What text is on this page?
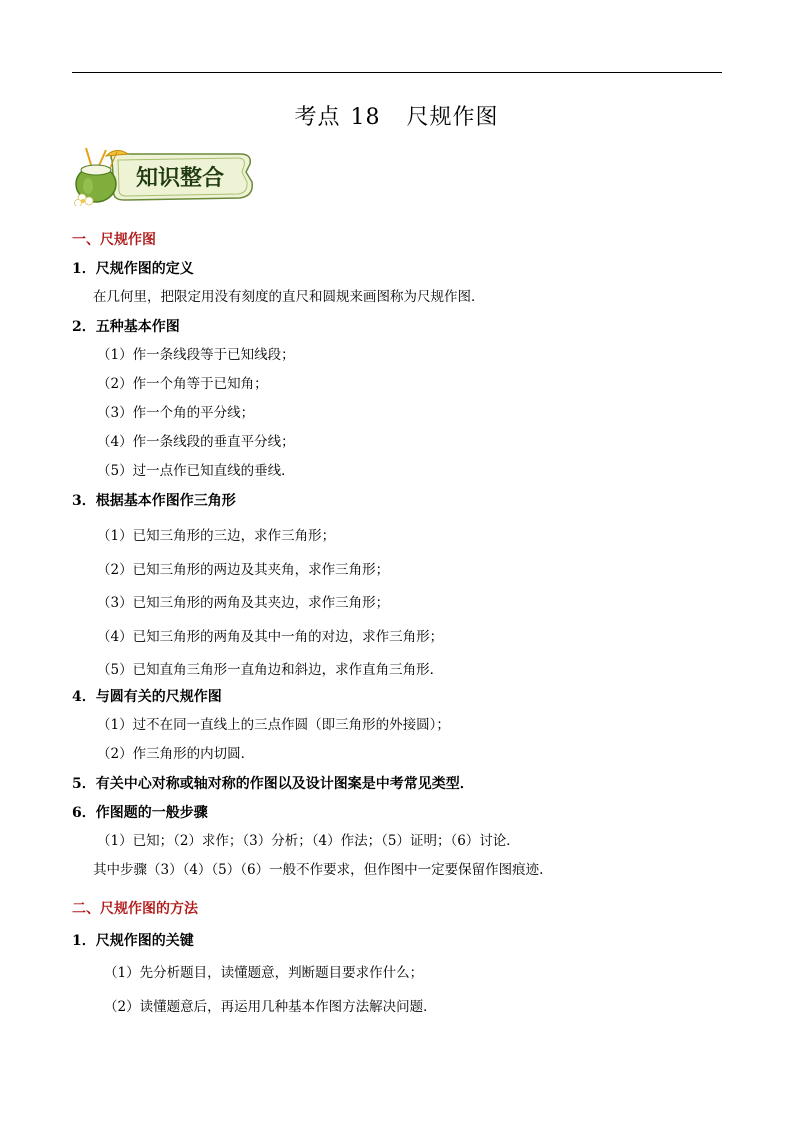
考点 18 尺规作图
知识整合
一、尺规作图
1．尺规作图的定义
在几何里，把限定用没有刻度的直尺和圆规来画图称为尺规作图．
2．五种基本作图
（1）作一条线段等于已知线段；
（2）作一个角等于已知角；
（3）作一个角的平分线；
（4）作一条线段的垂直平分线；
（5）过一点作已知直线的垂线．
3．根据基本作图作三角形
（1）已知三角形的三边，求作三角形；
（2）已知三角形的两边及其夹角，求作三角形；
（3）已知三角形的两角及其夹边，求作三角形；
（4）已知三角形的两角及其中一角的对边，求作三角形；
（5）已知直角三角形一直角边和斜边，求作直角三角形．
4．与圆有关的尺规作图
（1）过不在同一直线上的三点作圆（即三角形的外接圆）；
（2）作三角形的内切圆．
5．有关中心对称或轴对称的作图以及设计图案是中考常见类型．
6．作图题的一般步骤
（1）已知；（2）求作；（3）分析；（4）作法；（5）证明；（6）讨论．
其中步骤（3）（4）（5）（6）一般不作要求，但作图中一定要保留作图痕迹.
二、尺规作图的方法
1．尺规作图的关键
（1）先分析题目，读懂题意，判断题目要求作什么；
（2）读懂题意后，再运用几种基本作图方法解决问题．
